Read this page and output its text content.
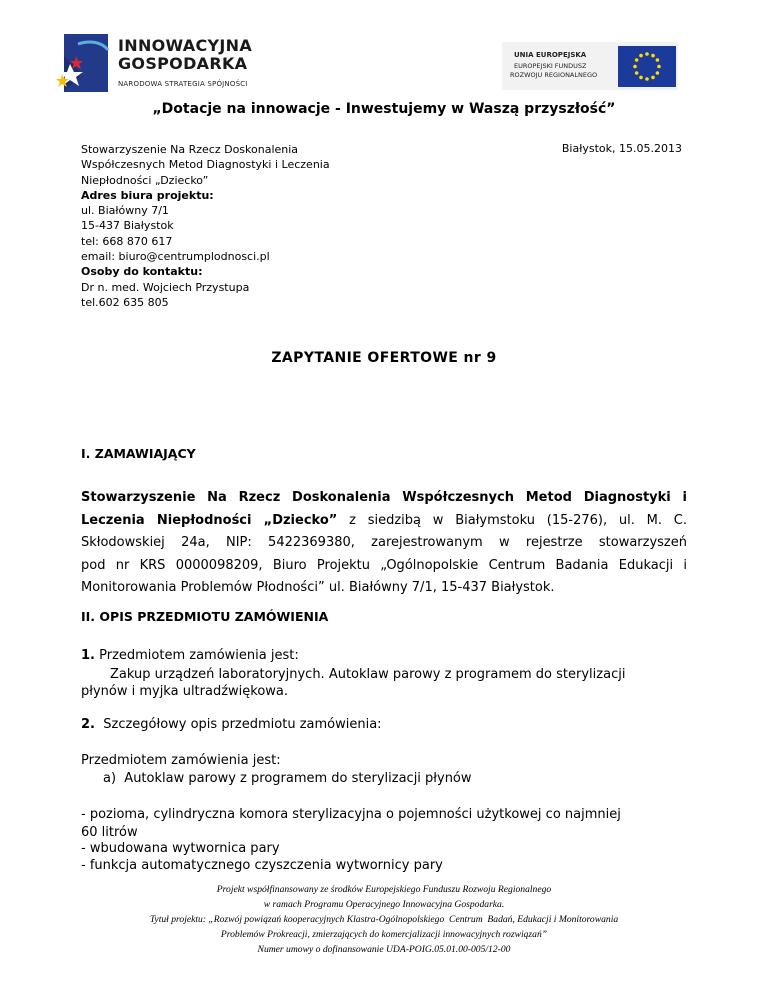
INNOWACYJNA
GOSPODARKA
NARODOWA STRATEGIA SPÓJNOŚCI
UNIA EUROPEJSKA
EUROPEJSKI FUNDUSZ
ROZWOJU REGIONALNEGO
„Dotacje na innowacje - Inwestujemy w Waszą przyszłość”
Stowarzyszenie Na Rzecz Doskonalenia
Współczesnych Metod Diagnostyki i Leczenia
Niepłodności „Dziecko”
Adres biura projektu:
ul. Białówny 7/1
15-437 Białystok
tel: 668 870 617
email: biuro@centrumplodnosci.pl
Osoby do kontaktu:
Dr n. med. Wojciech Przystupa
tel.602 635 805
Białystok, 15.05.2013
ZAPYTANIE OFERTOWE nr 9
I. ZAMAWIAJĄCY
Stowarzyszenie Na Rzecz Doskonalenia Współczesnych Metod Diagnostyki i
Leczenia Niepłodności „Dziecko” z siedzibą w Białymstoku (15-276), ul. M. C.
Skłodowskiej 24a, NIP: 5422369380, zarejestrowanym w rejestrze stowarzyszeń
pod nr KRS 0000098209, Biuro Projektu „Ogólnopolskie Centrum Badania Edukacji i
Monitorowania Problemów Płodności” ul. Białówny 7/1, 15-437 Białystok.
II. OPIS PRZEDMIOTU ZAMÓWIENIA
1. Przedmiotem zamówienia jest:
Zakup urządzeń laboratoryjnych. Autoklaw parowy z programem do sterylizacji
płynów i myjka ultradźwiękowa.
2.  Szczegółowy opis przedmiotu zamówienia:
Przedmiotem zamówienia jest:
a)  Autoklaw parowy z programem do sterylizacji płynów
- pozioma, cylindryczna komora sterylizacyjna o pojemności użytkowej co najmniej
60 litrów
- wbudowana wytwornica pary
- funkcja automatycznego czyszczenia wytwornicy pary
Projekt współfinansowany ze środków Europejskiego Funduszu Rozwoju Regionalnego
w ramach Programu Operacyjnego Innowacyjna Gospodarka.
Tytuł projektu: „Rozwój powiązań kooperacyjnych Klastra-Ogólnopolskiego  Centrum  Badań, Edukacji i Monitorowania
Problemów Prokreacji, zmierzających do komercjalizacji innowacyjnych rozwiązań”
Numer umowy o dofinansowanie UDA-POIG.05.01.00-005/12-00
